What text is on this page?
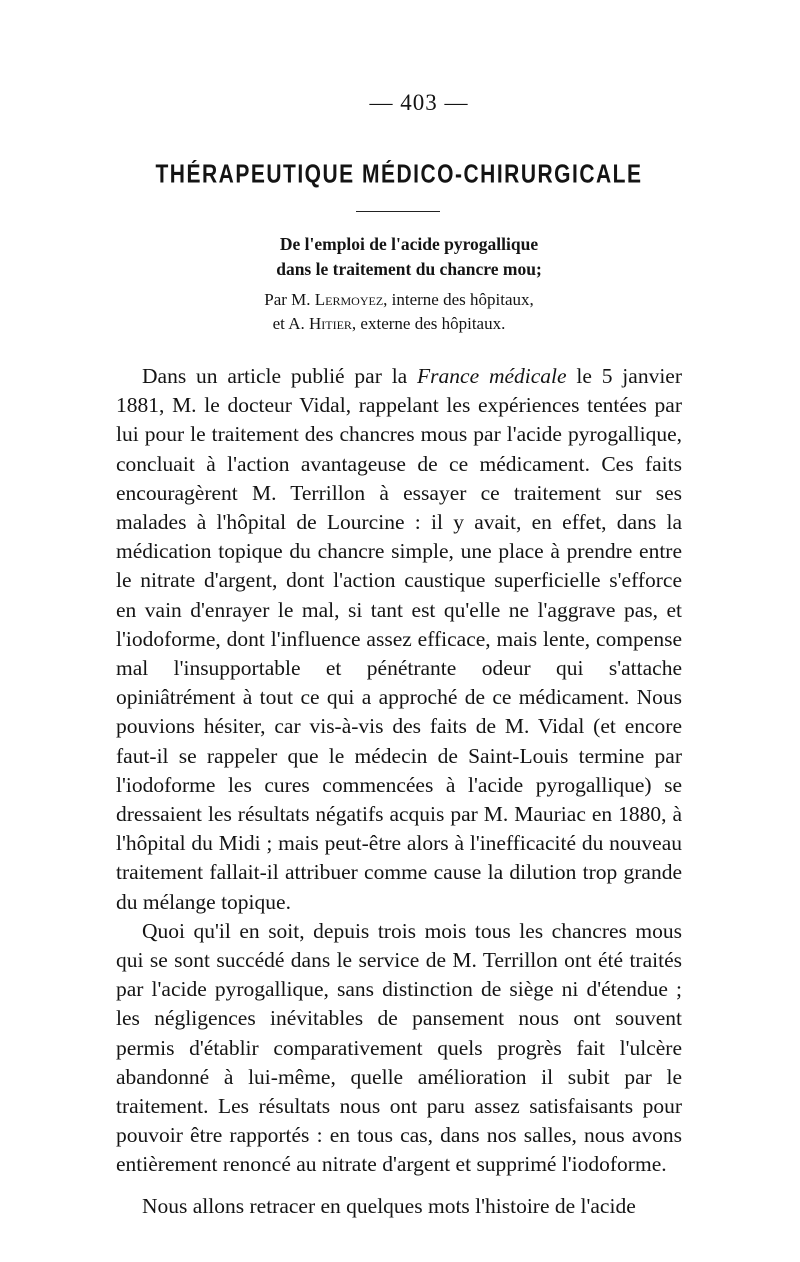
— 403 —
THÉRAPEUTIQUE MÉDICO-CHIRURGICALE
De l'emploi de l'acide pyrogallique
dans le traitement du chancre mou;
Par M. Lermoyez, interne des hôpitaux,
et A. Hitier, externe des hôpitaux.

Dans un article publié par la France médicale le 5 janvier 1881, M. le docteur Vidal, rappelant les expériences tentées par lui pour le traitement des chancres mous par l'acide pyrogallique, concluait à l'action avantageuse de ce médicament. Ces faits encouragèrent M. Terrillon à essayer ce traitement sur ses malades à l'hôpital de Lourcine : il y avait, en effet, dans la médication topique du chancre simple, une place à prendre entre le nitrate d'argent, dont l'action caustique superficielle s'efforce en vain d'enrayer le mal, si tant est qu'elle ne l'aggrave pas, et l'iodoforme, dont l'influence assez efficace, mais lente, compense mal l'insupportable et pénétrante odeur qui s'attache opiniâtrément à tout ce qui a approché de ce médicament. Nous pouvions hésiter, car vis-à-vis des faits de M. Vidal (et encore faut-il se rappeler que le médecin de Saint-Louis termine par l'iodoforme les cures commencées à l'acide pyrogallique) se dressaient les résultats négatifs acquis par M. Mauriac en 1880, à l'hôpital du Midi ; mais peut-être alors à l'inefficacité du nouveau traitement fallait-il attribuer comme cause la dilution trop grande du mélange topique.

Quoi qu'il en soit, depuis trois mois tous les chancres mous qui se sont succédé dans le service de M. Terrillon ont été traités par l'acide pyrogallique, sans distinction de siège ni d'étendue ; les négligences inévitables de pansement nous ont souvent permis d'établir comparativement quels progrès fait l'ulcère abandonné à lui-même, quelle amélioration il subit par le traitement. Les résultats nous ont paru assez satisfaisants pour pouvoir être rapportés : en tous cas, dans nos salles, nous avons entièrement renoncé au nitrate d'argent et supprimé l'iodoforme.

Nous allons retracer en quelques mots l'histoire de l'acide
